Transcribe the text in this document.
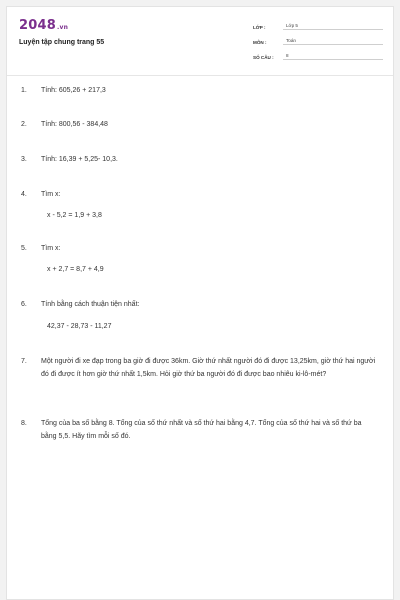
2048.vn
Luyện tập chung trang 55
LỚP :	Lớp 5
MÔN :	Toán
SỐ CÂU :	8
1.	Tính: 605,26 + 217,3
2.	Tính: 800,56 - 384,48
3.	Tính: 16,39 + 5,25- 10,3.
4.	Tìm x:
x - 5,2 = 1,9 + 3,8
5.	Tìm x:
x + 2,7 = 8,7 + 4,9
6.	Tính bằng cách thuận tiện nhất:
42,37 - 28,73 - 11,27
7.	Một người đi xe đạp trong ba giờ đi được 36km. Giờ thứ nhất người đó đi được 13,25km, giờ thứ hai người đó đi được ít hơn giờ thứ nhất 1,5km. Hỏi giờ thứ ba người đó đi được bao nhiêu ki-lô-mét?
8.	Tổng của ba số bằng 8. Tổng của số thứ nhất và số thứ hai bằng 4,7. Tổng của số thứ hai và số thứ ba bằng 5,5. Hãy tìm mỗi số đó.
